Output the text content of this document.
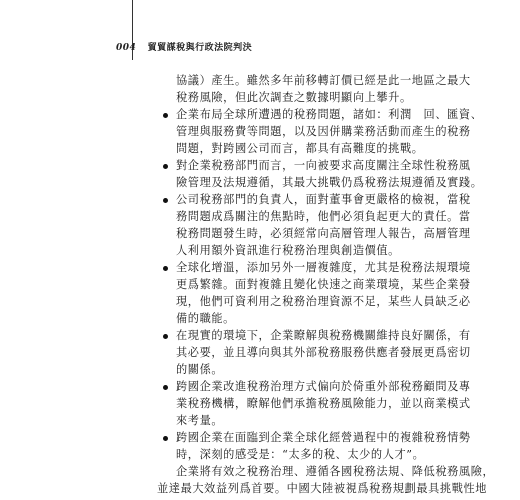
004 貿貿謀稅與行政法院判決
協議）產生。雖然多年前移轉訂價已經是此一地區之最大
稅務風險，但此次調查之數據明顯向上攀升。
企業布局全球所遭遇的稅務問題，諸如：利潤　回、匯資、
管理與服務費等問題，以及因併購業務活動而產生的稅務
問題，對跨國公司而言，都具有高難度的挑戰。
對企業稅務部門而言，一向被要求高度關注全球性稅務風
險管理及法規遵循，其最大挑戰仍爲稅務法規遵循及實踐。
公司稅務部門的負責人，面對董事會更嚴格的檢視，當稅
務問題成爲關注的焦點時，他們必須負起更大的責任。當
稅務問題發生時，必須經常向高層管理人報告，高層管理
人利用額外資訊進行稅務治理與創造價值。
全球化增溫，添加另外一層複雜度，尤其是稅務法規環境
更爲繁雜。面對複雜且變化快速之商業環境，某些企業發
現，他們可資利用之稅務治理資源不足，某些人員缺乏必
備的職能。
在現實的環境下，企業瞭解與稅務機關維持良好關係，有
其必要，並且導向與其外部稅務服務供應者發展更爲密切
的關係。
跨國企業改進稅務治理方式偏向於倚重外部稅務顧問及專
業稅務機構，瞭解他們承擔稅務風險能力，並以商業模式
來考量。
跨國企業在面臨到企業全球化經營過程中的複雜稅務情勢
時，深刻的感受是：“太多的稅、太少的人才”。
企業將有效之稅務治理、遵循各國稅務法規、降低稅務風險，
並達最大效益列爲首要。中國大陸被視爲稅務規劃最具挑戰性地
